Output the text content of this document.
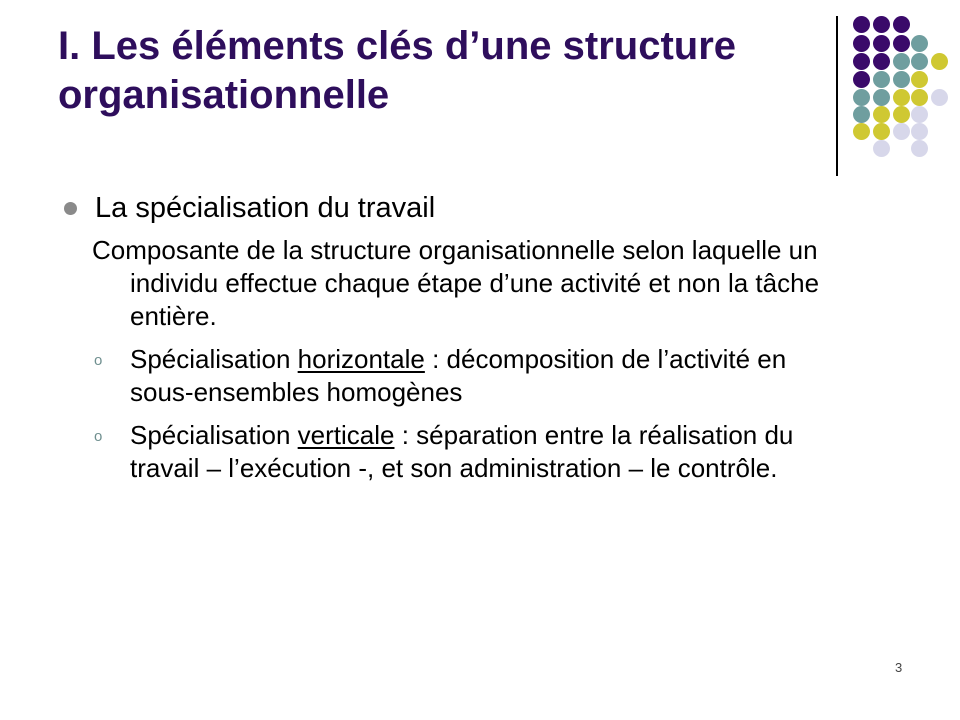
I. Les éléments clés d’une structure organisationnelle
La spécialisation du travail
Composante de la structure organisationnelle selon laquelle un individu effectue chaque étape d’une activité et non la tâche entière.
o Spécialisation horizontale : décomposition de l’activité en sous-ensembles homogènes
o Spécialisation verticale : séparation entre la réalisation du travail – l’exécution -, et son administration – le contrôle.
3
